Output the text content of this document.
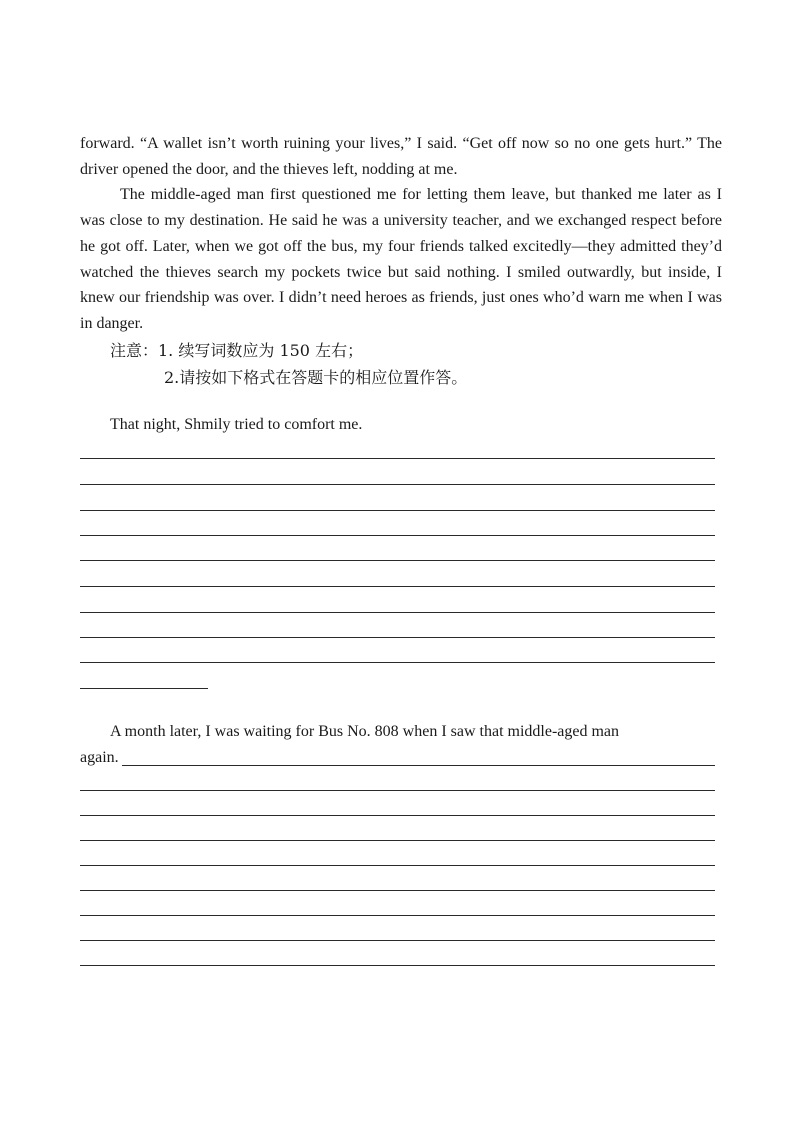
forward. “A wallet isn’t worth ruining your lives,” I said. “Get off now so no one gets hurt.” The driver opened the door, and the thieves left, nodding at me.

The middle-aged man first questioned me for letting them leave, but thanked me later as I was close to my destination. He said he was a university teacher, and we exchanged respect before he got off. Later, when we got off the bus, my four friends talked excitedly—they admitted they’d watched the thieves search my pockets twice but said nothing. I smiled outwardly, but inside, I knew our friendship was over. I didn’t need heroes as friends, just ones who’d warn me when I was in danger.

注意：1. 续写词数应为 150 左右；
2.请按如下格式在答题卡的相应位置作答。
That night, Shmily tried to comfort me.
A month later, I was waiting for Bus No. 808 when I saw that middle-aged man
again.
